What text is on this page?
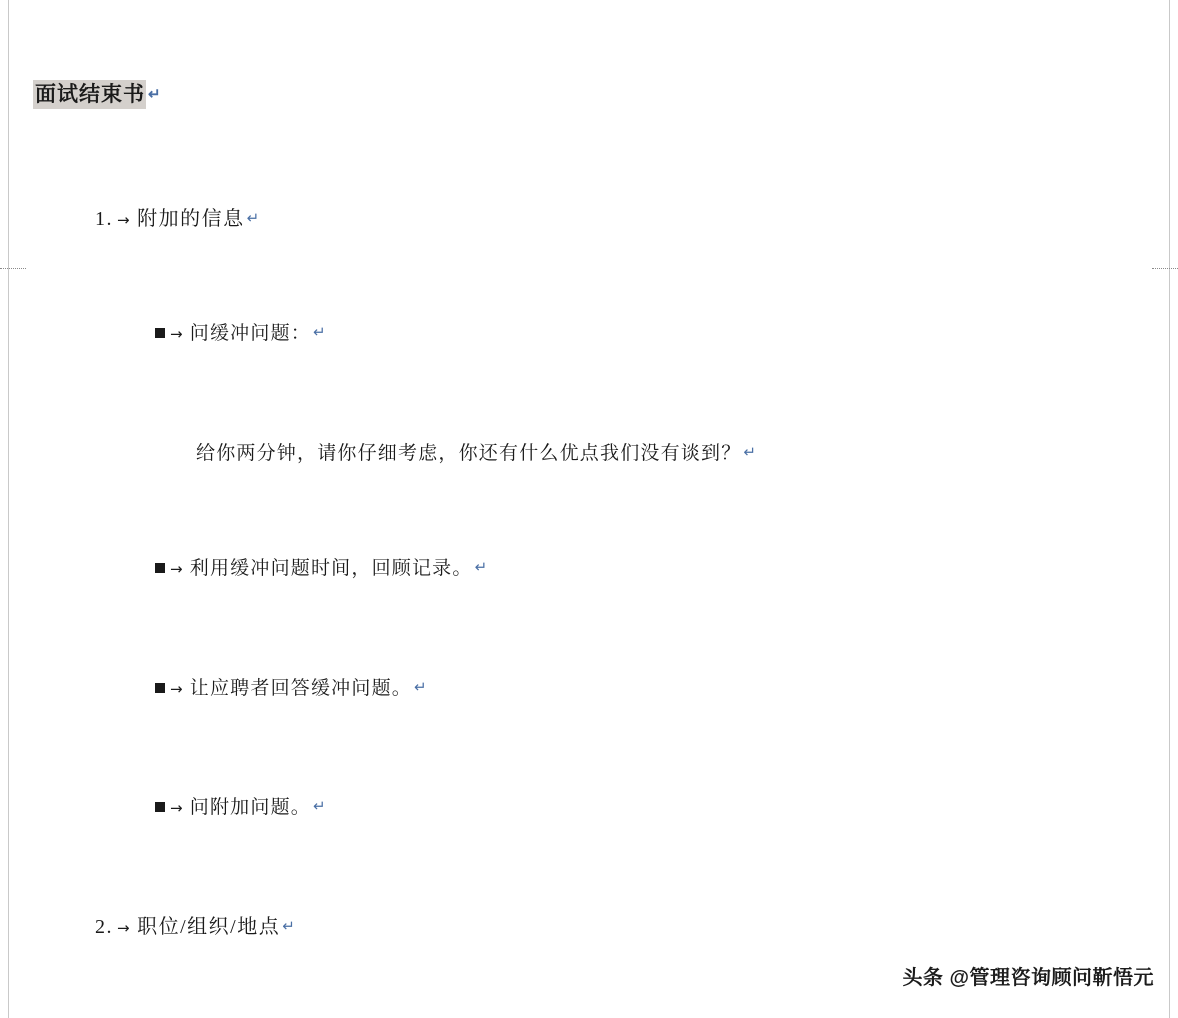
面试结束书 ↵
1. → 附加的信息 ↵
→ 问缓冲问题： ↵
给你两分钟，请你仔细考虑，你还有什么优点我们没有谈到？ ↵
→ 利用缓冲问题时间，回顾记录。 ↵
→ 让应聘者回答缓冲问题。 ↵
→ 问附加问题。 ↵
2. → 职位/组织/地点 ↵
头条 @管理咨询顾问靳悟元
